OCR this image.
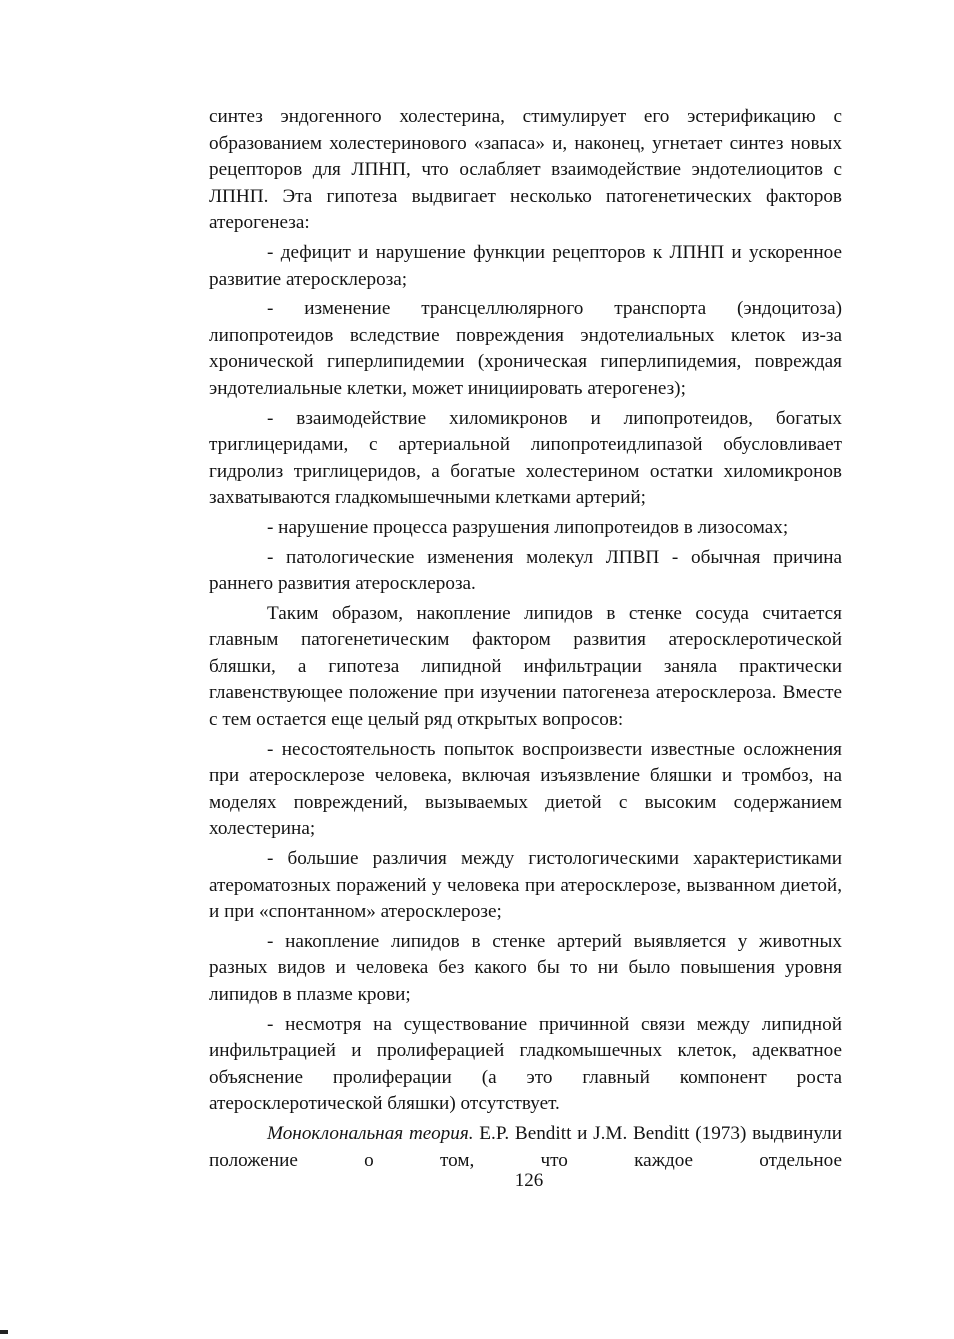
синтез эндогенного холестерина, стимулирует его эстерификацию с образованием холестеринового «запаса» и, наконец, угнетает синтез новых рецепторов для ЛПНП, что ослабляет взаимодействие эндотелиоцитов с ЛПНП. Эта гипотеза выдвигает несколько патогенетических факторов атерогенеза:

- дефицит и нарушение функции рецепторов к ЛПНП и ускоренное развитие атеросклероза;

- изменение трансцеллюлярного транспорта (эндоцитоза) липопротеидов вследствие повреждения эндотелиальных клеток из-за хронической гиперлипидемии (хроническая гиперлипидемия, повреждая эндотелиальные клетки, может инициировать атерогенез);

- взаимодействие хиломикронов и липопротеидов, богатых триглицеридами, с артериальной липопротеидлипазой обусловливает гидролиз триглицеридов, а богатые холестерином остатки хиломикронов захватываются гладкомышечными клетками артерий;

- нарушение процесса разрушения липопротеидов в лизосомах;

- патологические изменения молекул ЛПВП - обычная причина раннего развития атеросклероза.

Таким образом, накопление липидов в стенке сосуда считается главным патогенетическим фактором развития атеросклеротической бляшки, а гипотеза липидной инфильтрации заняла практически главенствующее положение при изучении патогенеза атеросклероза. Вместе с тем остается еще целый ряд открытых вопросов:

- несостоятельность попыток воспроизвести известные осложнения при атеросклерозе человека, включая изъязвление бляшки и тромбоз, на моделях повреждений, вызываемых диетой с высоким содержанием холестерина;

- большие различия между гистологическими характеристиками атероматозных поражений у человека при атеросклерозе, вызванном диетой, и при «спонтанном» атеросклерозе;

- накопление липидов в стенке артерий выявляется у животных разных видов и человека без какого бы то ни было повышения уровня липидов в плазме крови;

- несмотря на существование причинной связи между липидной инфильтрацией и пролиферацией гладкомышечных клеток, адекватное объяснение пролиферации (а это главный компонент роста атеросклеротической бляшки) отсутствует.

Моноклональная теория. E.P. Benditt и J.M. Benditt (1973) выдвинули положение о том, что каждое отдельное

126
